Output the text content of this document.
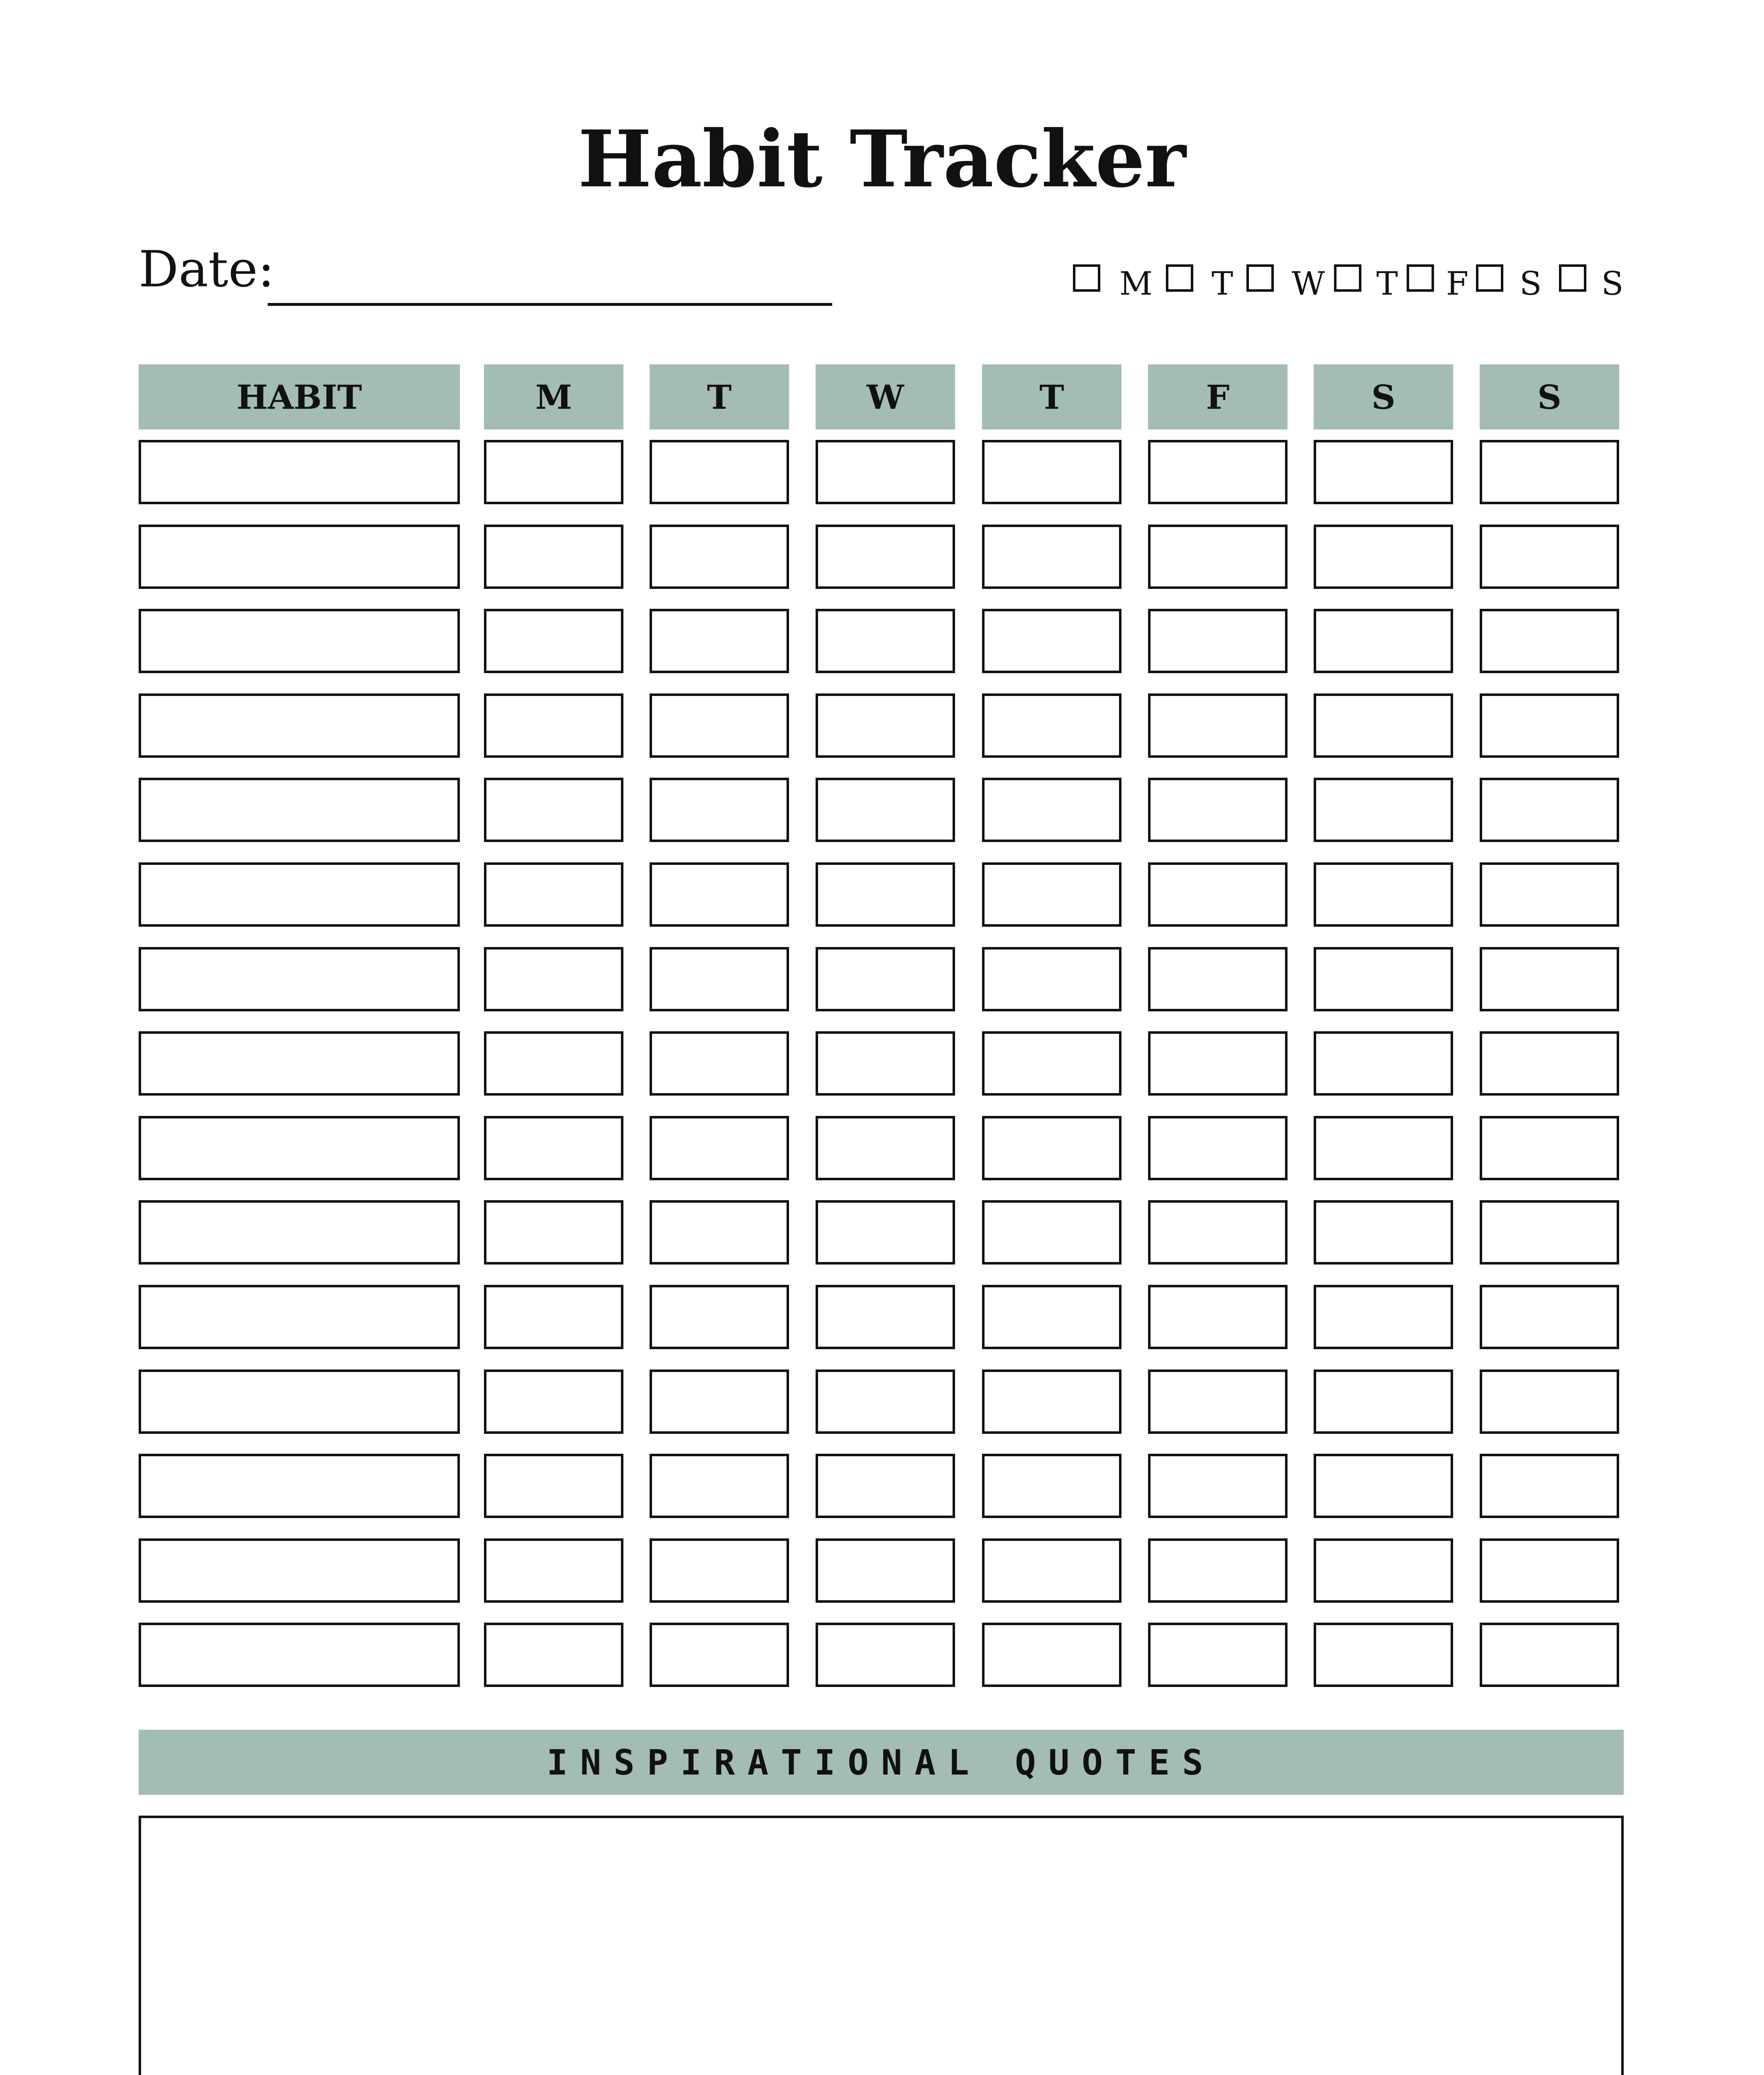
Habit Tracker
Date:	M T W T F S S
HABIT	M	T	W	T	F	S	S
INSPIRATIONAL QUOTES
